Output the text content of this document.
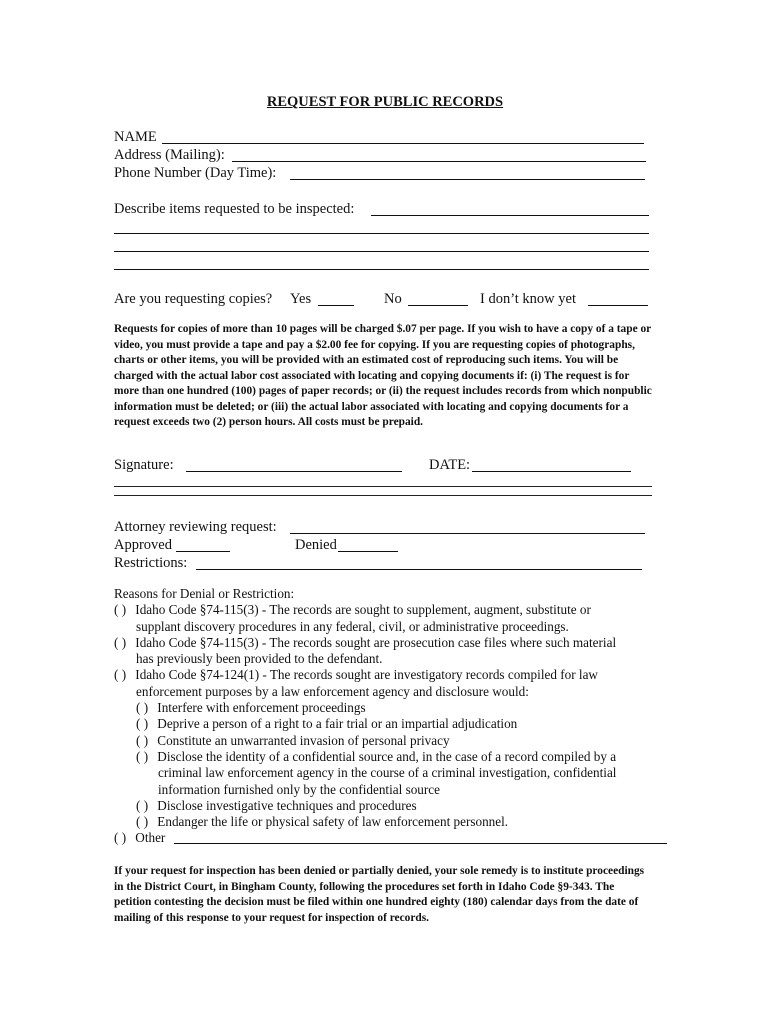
REQUEST FOR PUBLIC RECORDS
NAME
Address (Mailing):
Phone Number (Day Time):
Describe items requested to be inspected:
Are you requesting copies? Yes	No	I don’t know yet
Requests for copies of more than 10 pages will be charged $.07 per page. If you wish to have a copy of a tape or video, you must provide a tape and pay a $2.00 fee for copying. If you are requesting copies of photographs, charts or other items, you will be provided with an estimated cost of reproducing such items. You will be charged with the actual labor cost associated with locating and copying documents if: (i) The request is for more than one hundred (100) pages of paper records; or (ii) the request includes records from which nonpublic information must be deleted; or (iii) the actual labor associated with locating and copying documents for a request exceeds two (2) person hours. All costs must be prepaid.
Signature:	DATE:
Attorney reviewing request:
Approved	Denied
Restrictions:

Reasons for Denial or Restriction:

( ) Idaho Code §74-115(3) - The records are sought to supplement, augment, substitute or

supplant discovery procedures in any federal, civil, or administrative proceedings.

( ) Idaho Code §74-115(3) - The records sought are prosecution case files where such material

has previously been provided to the defendant.

( ) Idaho Code §74-124(1) - The records sought are investigatory records compiled for law

enforcement purposes by a law enforcement agency and disclosure would:

( ) Interfere with enforcement proceedings

( ) Deprive a person of a right to a fair trial or an impartial adjudication

( ) Constitute an unwarranted invasion of personal privacy

( ) Disclose the identity of a confidential source and, in the case of a record compiled by a

criminal law enforcement agency in the course of a criminal investigation, confidential

information furnished only by the confidential source

( ) Disclose investigative techniques and procedures

( ) Endanger the life or physical safety of law enforcement personnel.

( ) Other

If your request for inspection has been denied or partially denied, your sole remedy is to institute proceedings in the District Court, in Bingham County, following the procedures set forth in Idaho Code §9-343. The petition contesting the decision must be filed within one hundred eighty (180) calendar days from the date of mailing of this response to your request for inspection of records.
